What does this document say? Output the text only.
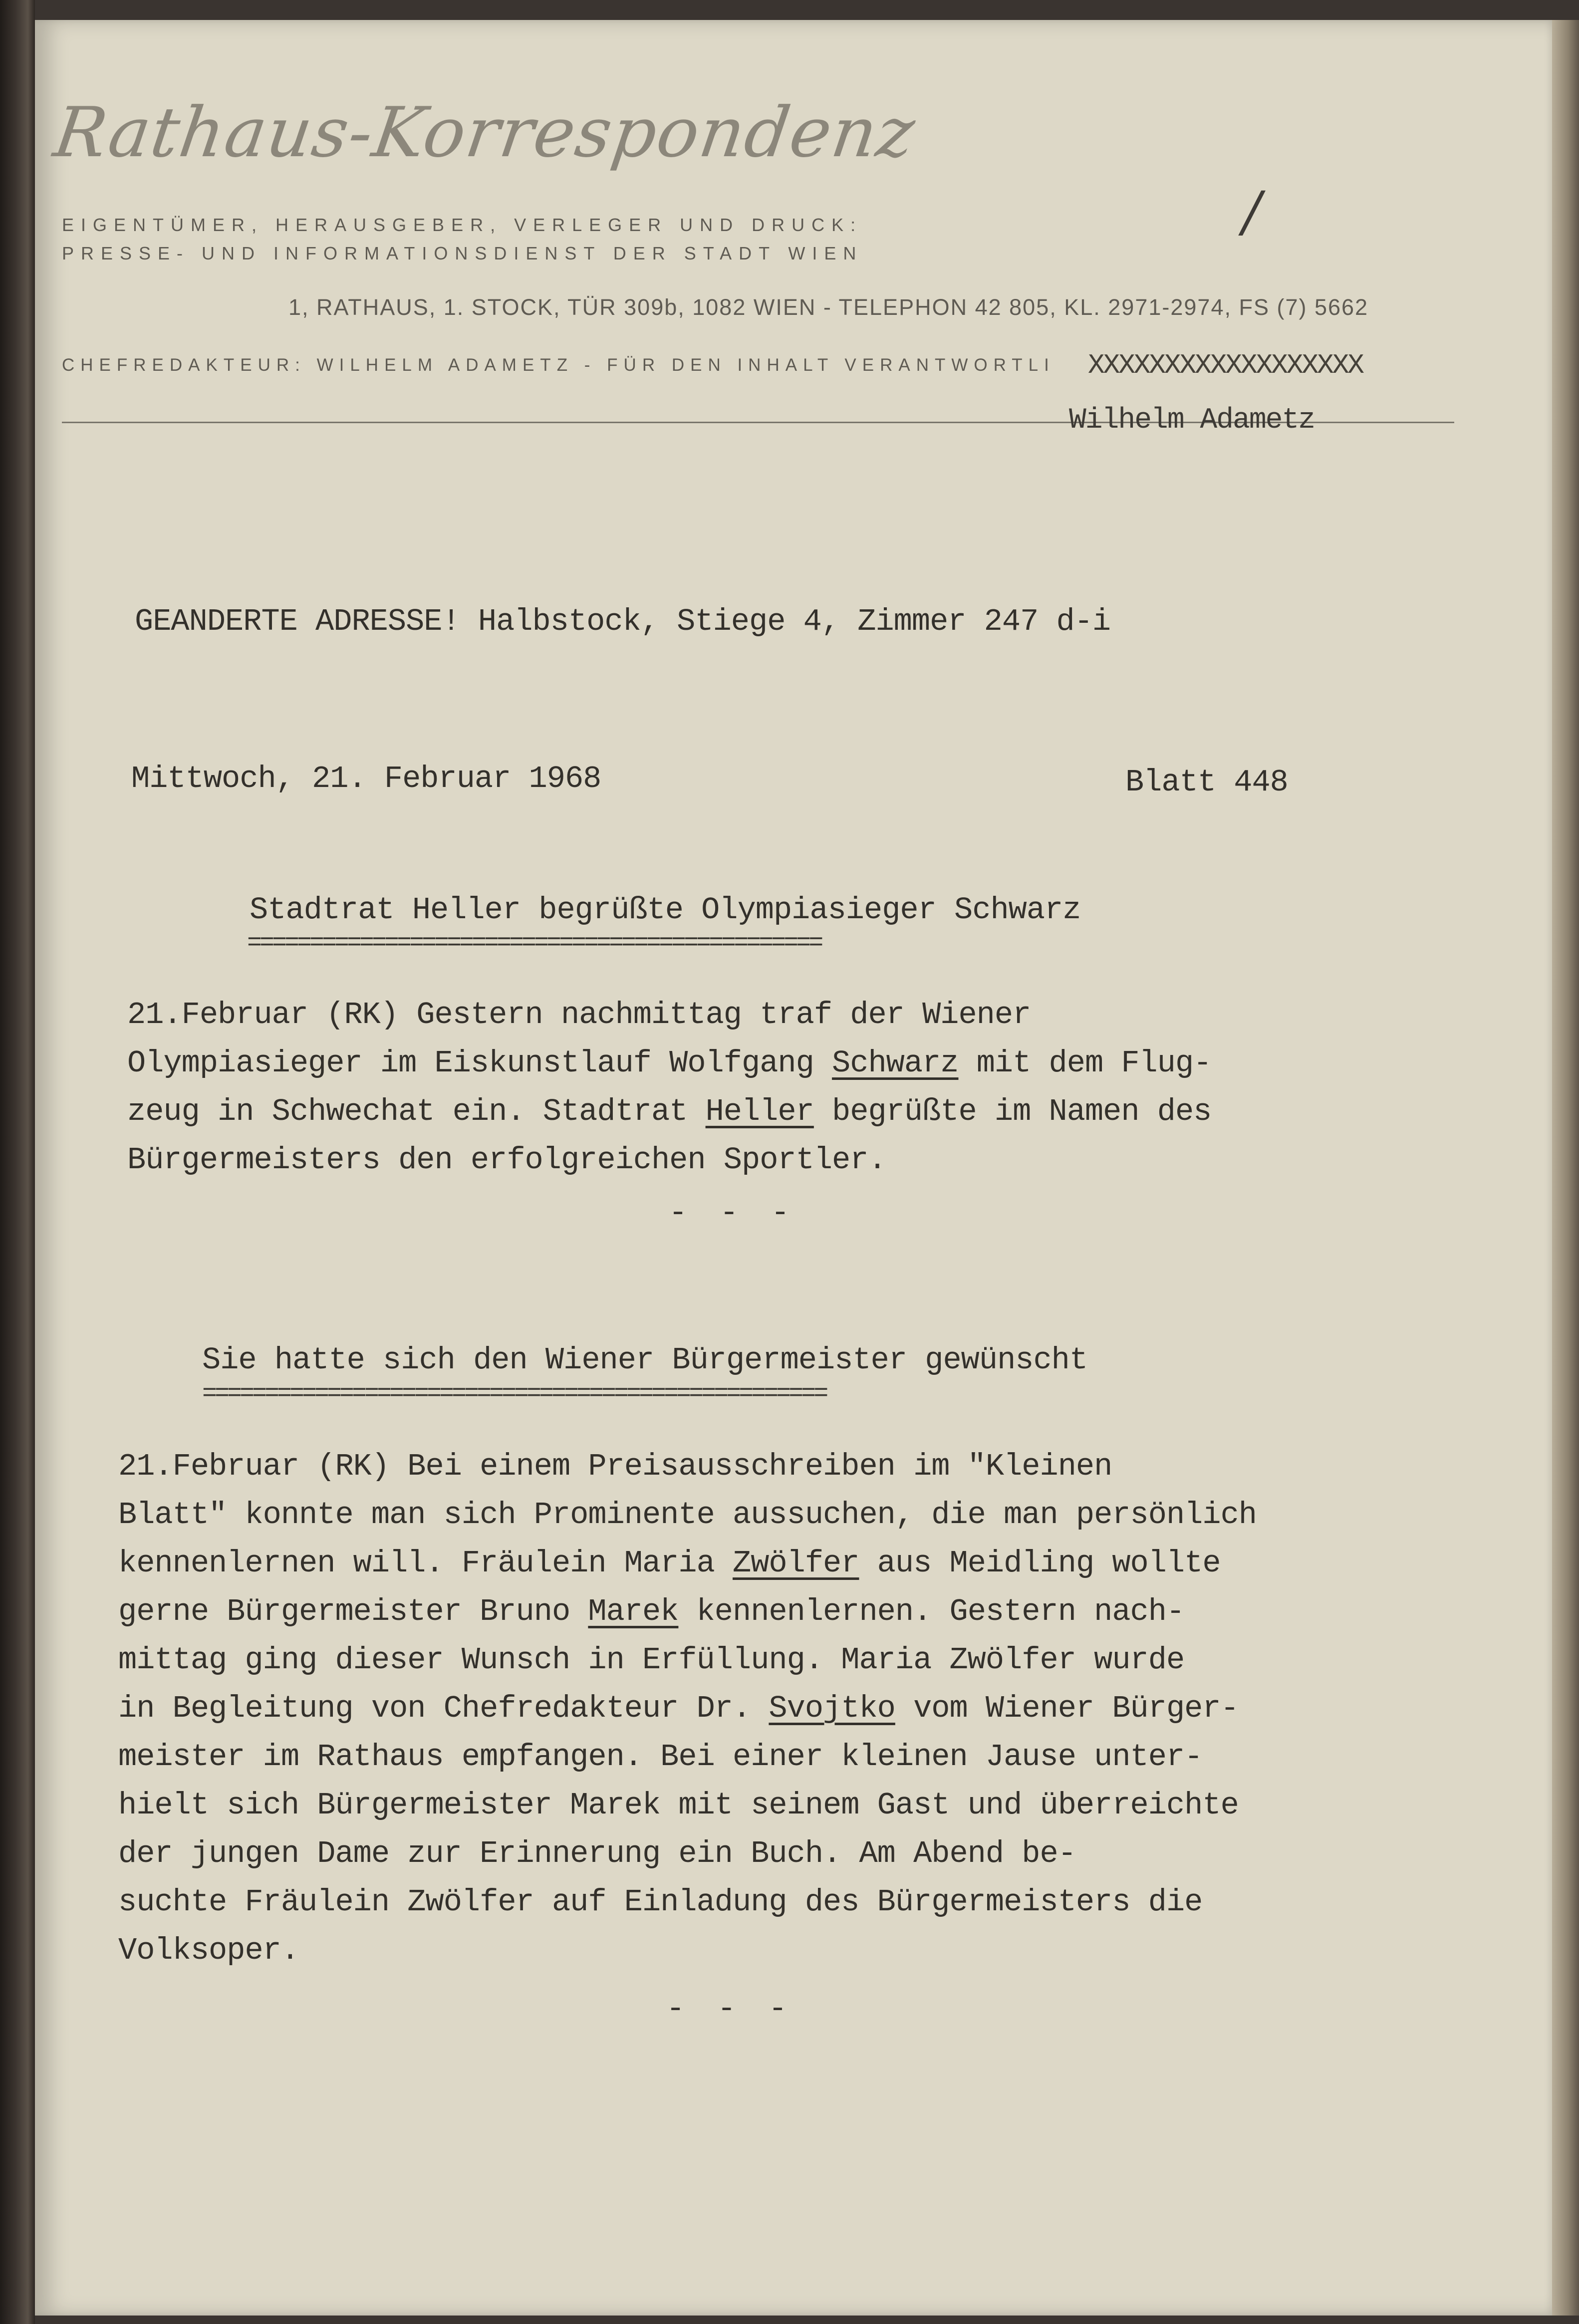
Rathaus-Korrespondenz
EIGENTÜMER, HERAUSGEBER, VERLEGER UND DRUCK:
PRESSE- UND INFORMATIONSDIENST DER STADT WIEN
1, RATHAUS, 1. STOCK, TÜR 309b, 1082 WIEN - TELEPHON 42 805, KL. 2971-2974, FS (7) 5662
CHEFREDAKTEUR: WILHELM ADAMETZ - FÜR DEN INHALT VERANTWORTLI
/
XXXXXXXXXXXXXXXXXX
Wilhelm Adametz
GEANDERTE ADRESSE! Halbstock, Stiege 4, Zimmer 247 d-i
Mittwoch, 21. Februar 1968	Blatt 448
Stadtrat Heller begrüßte Olympiasieger Schwarz
==============================================
21.Februar (RK) Gestern nachmittag traf der Wiener
Olympiasieger im Eiskunstlauf Wolfgang Schwarz mit dem Flug-
zeug in Schwechat ein. Stadtrat Heller begrüßte im Namen des
Bürgermeisters den erfolgreichen Sportler.
- - -
Sie hatte sich den Wiener Bürgermeister gewünscht
==================================================
21.Februar (RK) Bei einem Preisausschreiben im "Kleinen
Blatt" konnte man sich Prominente aussuchen, die man persönlich
kennenlernen will. Fräulein Maria Zwölfer aus Meidling wollte
gerne Bürgermeister Bruno Marek kennenlernen. Gestern nach-
mittag ging dieser Wunsch in Erfüllung. Maria Zwölfer wurde
in Begleitung von Chefredakteur Dr. Svojtko vom Wiener Bürger-
meister im Rathaus empfangen. Bei einer kleinen Jause unter-
hielt sich Bürgermeister Marek mit seinem Gast und überreichte
der jungen Dame zur Erinnerung ein Buch. Am Abend be-
suchte Fräulein Zwölfer auf Einladung des Bürgermeisters die
Volksoper.
- - -
